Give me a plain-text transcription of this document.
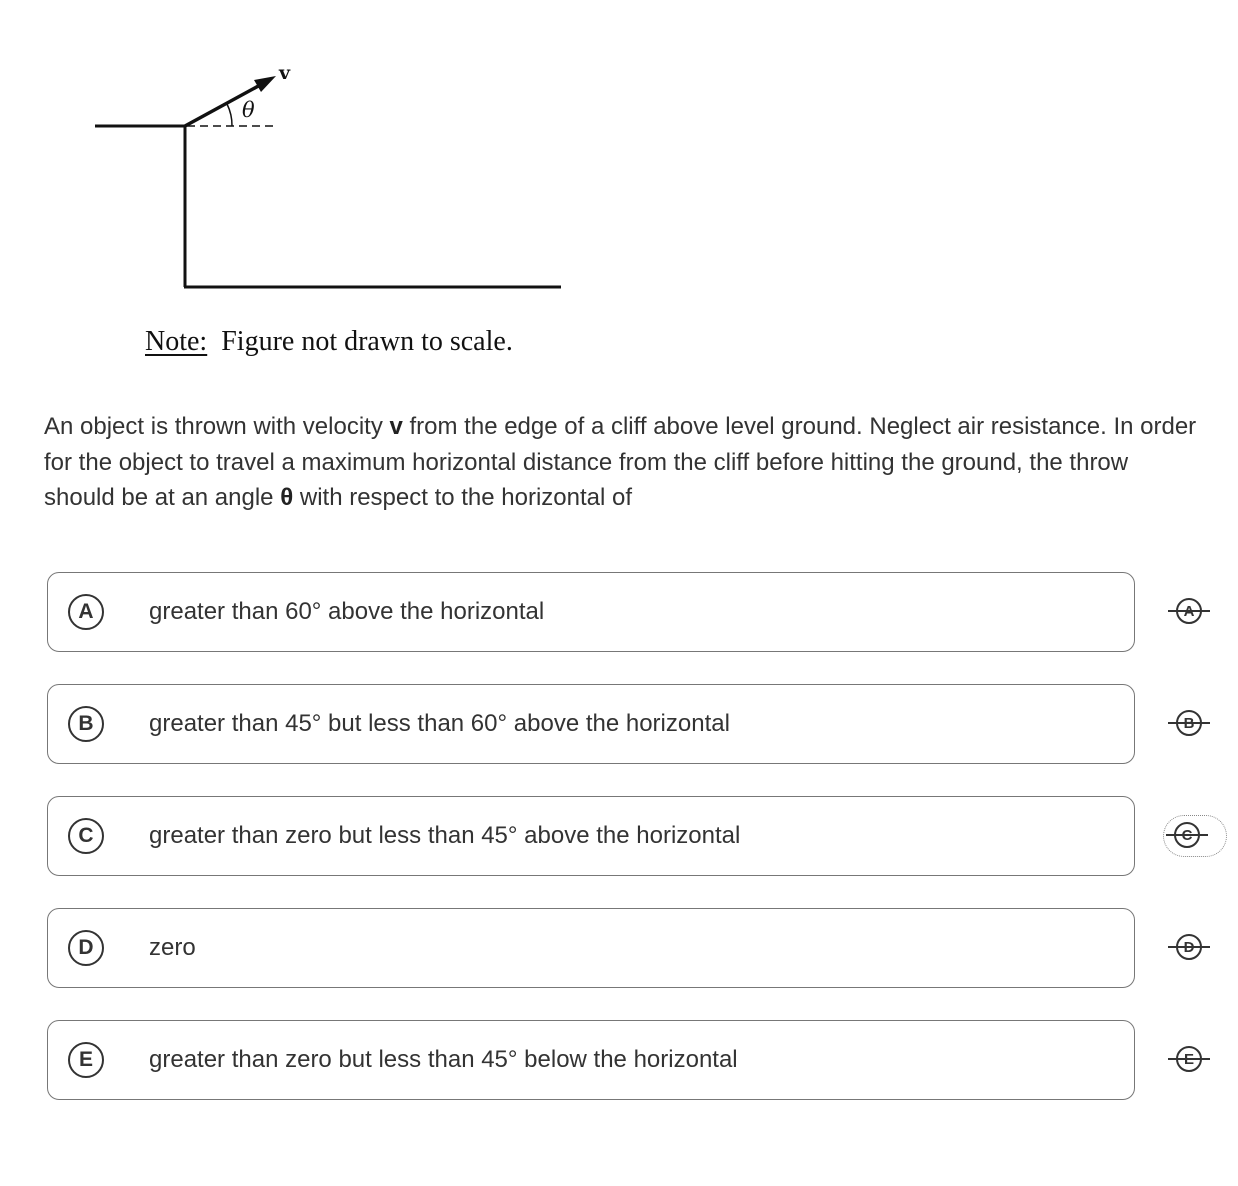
v
θ
Note: Figure not drawn to scale.
An object is thrown with velocity v from the edge of a cliff above level ground. Neglect air resistance. In order for the object to travel a maximum horizontal distance from the cliff before hitting the ground, the throw should be at an angle θ with respect to the horizontal of
A	greater than 60° above the horizontal
B	greater than 45° but less than 60° above the horizontal
C	greater than zero but less than 45° above the horizontal
D	zero
E	greater than zero but less than 45° below the horizontal
